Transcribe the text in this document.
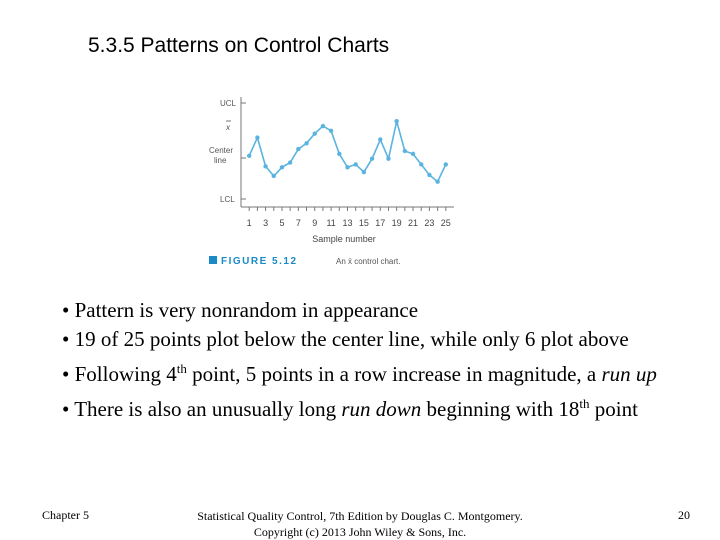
5.3.5 Patterns on Control Charts
UCL
x
Center
line
LCL
1 3 5 7 9 11 13 15 17 19 21 23 25
Sample number
FIGURE 5.12	An x̄ control chart.

• Pattern is very nonrandom in appearance

• 19 of 25 points plot below the center line, while only 6 plot above

• Following 4th point, 5 points in a row increase in magnitude, a run up

• There is also an unusually long run down beginning with 18th point

Chapter 5	Statistical Quality Control, 7th Edition by Douglas C. Montgomery.
Copyright (c) 2013 John Wiley & Sons, Inc.
20
